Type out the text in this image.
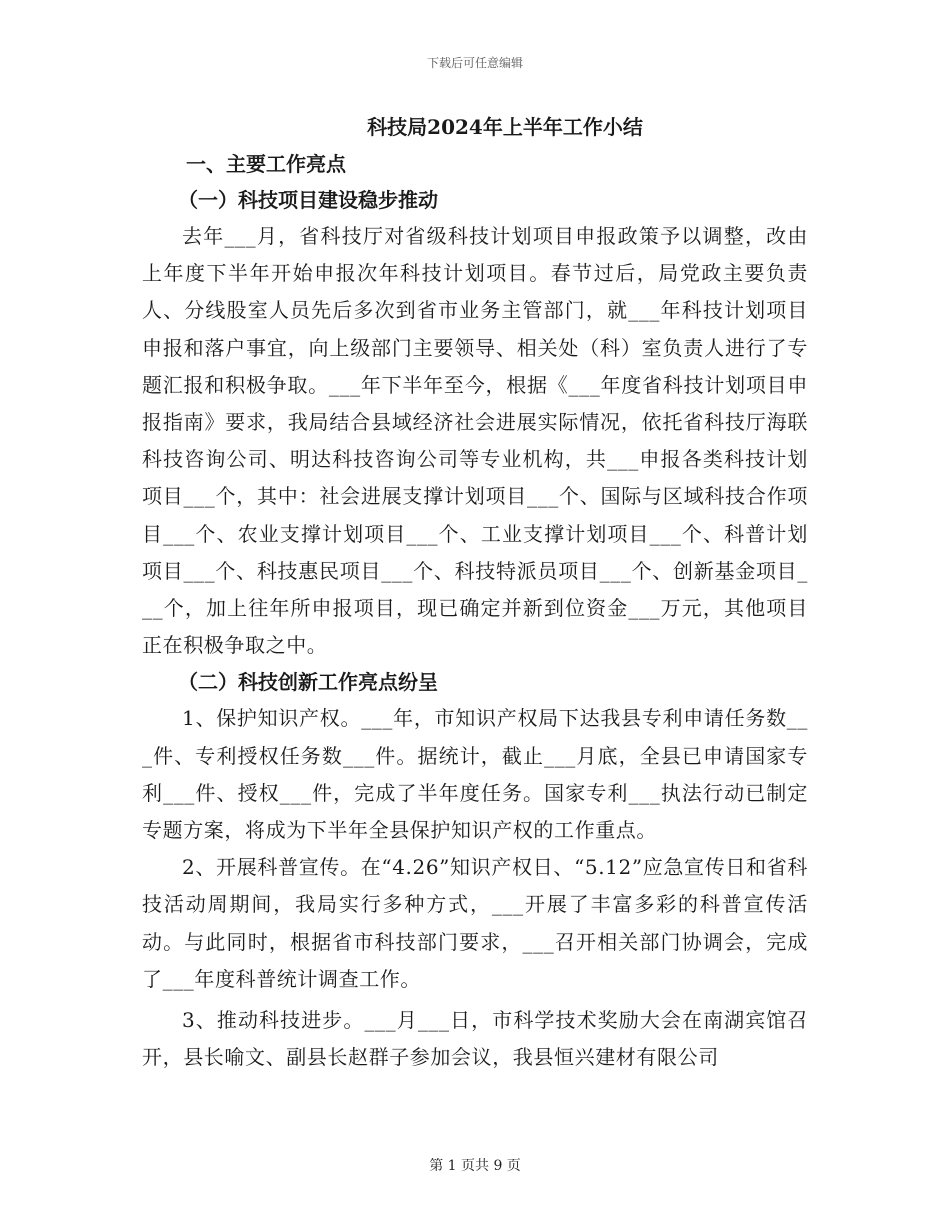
下载后可任意编辑
科技局2024年上半年工作小结
一、主要工作亮点
（一）科技项目建设稳步推动

去年___月，省科技厅对省级科技计划项目申报政策予以调整，改由上年度下半年开始申报次年科技计划项目。春节过后，局党政主要负责人、分线股室人员先后多次到省市业务主管部门，就___年科技计划项目申报和落户事宜，向上级部门主要领导、相关处（科）室负责人进行了专题汇报和积极争取。___年下半年至今，根据《___年度省科技计划项目申报指南》要求，我局结合县域经济社会进展实际情况，依托省科技厅海联科技咨询公司、明达科技咨询公司等专业机构，共___申报各类科技计划项目___个，其中：社会进展支撑计划项目___个、国际与区域科技合作项目___个、农业支撑计划项目___个、工业支撑计划项目___个、科普计划项目___个、科技惠民项目___个、科技特派员项目___个、创新基金项目___个，加上往年所申报项目，现已确定并新到位资金___万元，其他项目正在积极争取之中。

（二）科技创新工作亮点纷呈

1、保护知识产权。___年，市知识产权局下达我县专利申请任务数___件、专利授权任务数___件。据统计，截止___月底，全县已申请国家专利___件、授权___件，完成了半年度任务。国家专利___执法行动已制定专题方案，将成为下半年全县保护知识产权的工作重点。

2、开展科普宣传。在“4.26”知识产权日、“5.12”应急宣传日和省科技活动周期间，我局实行多种方式，___开展了丰富多彩的科普宣传活动。与此同时，根据省市科技部门要求，___召开相关部门协调会，完成了___年度科普统计调查工作。

3、推动科技进步。___月___日，市科学技术奖励大会在南湖宾馆召开，县长喻文、副县长赵群子参加会议，我县恒兴建材有限公司

第 1 页共 9 页
